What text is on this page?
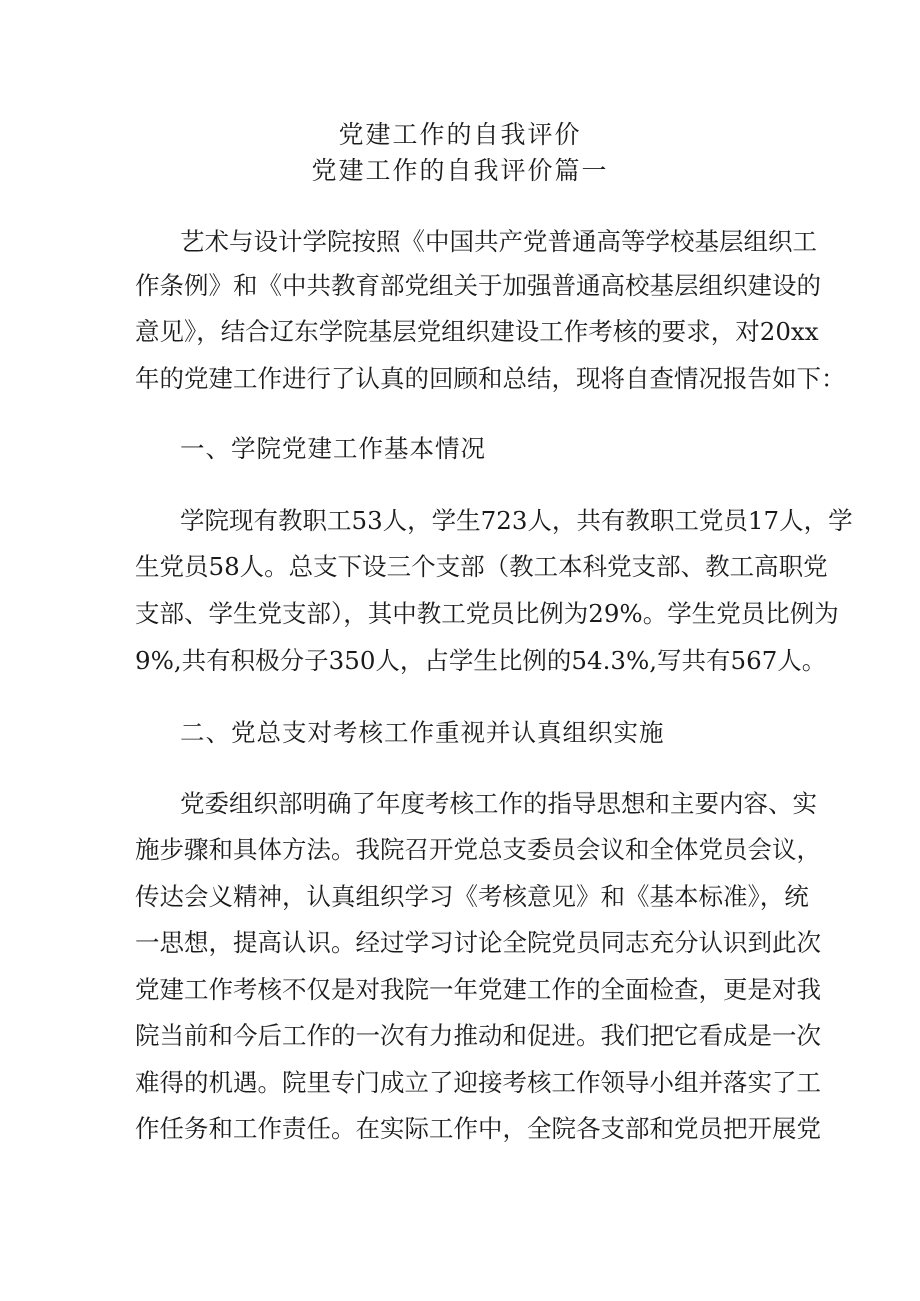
党建工作的自我评价
党建工作的自我评价篇一
艺术与设计学院按照《中国共产党普通高等学校基层组织工
作条例》和《中共教育部党组关于加强普通高校基层组织建设的
意见》，结合辽东学院基层党组织建设工作考核的要求，对20xx
年的党建工作进行了认真的回顾和总结，现将自查情况报告如下：
一、学院党建工作基本情况
学院现有教职工53人，学生723人，共有教职工党员17人，学
生党员58人。总支下设三个支部（教工本科党支部、教工高职党
支部、学生党支部），其中教工党员比例为29%。学生党员比例为
9%,共有积极分子350人，占学生比例的54.3%,写共有567人。
二、党总支对考核工作重视并认真组织实施
党委组织部明确了年度考核工作的指导思想和主要内容、实
施步骤和具体方法。我院召开党总支委员会议和全体党员会议，
传达会义精神，认真组织学习《考核意见》和《基本标准》，统
一思想，提高认识。经过学习讨论全院党员同志充分认识到此次
党建工作考核不仅是对我院一年党建工作的全面检查，更是对我
院当前和今后工作的一次有力推动和促进。我们把它看成是一次
难得的机遇。院里专门成立了迎接考核工作领导小组并落实了工
作任务和工作责任。在实际工作中，全院各支部和党员把开展党
